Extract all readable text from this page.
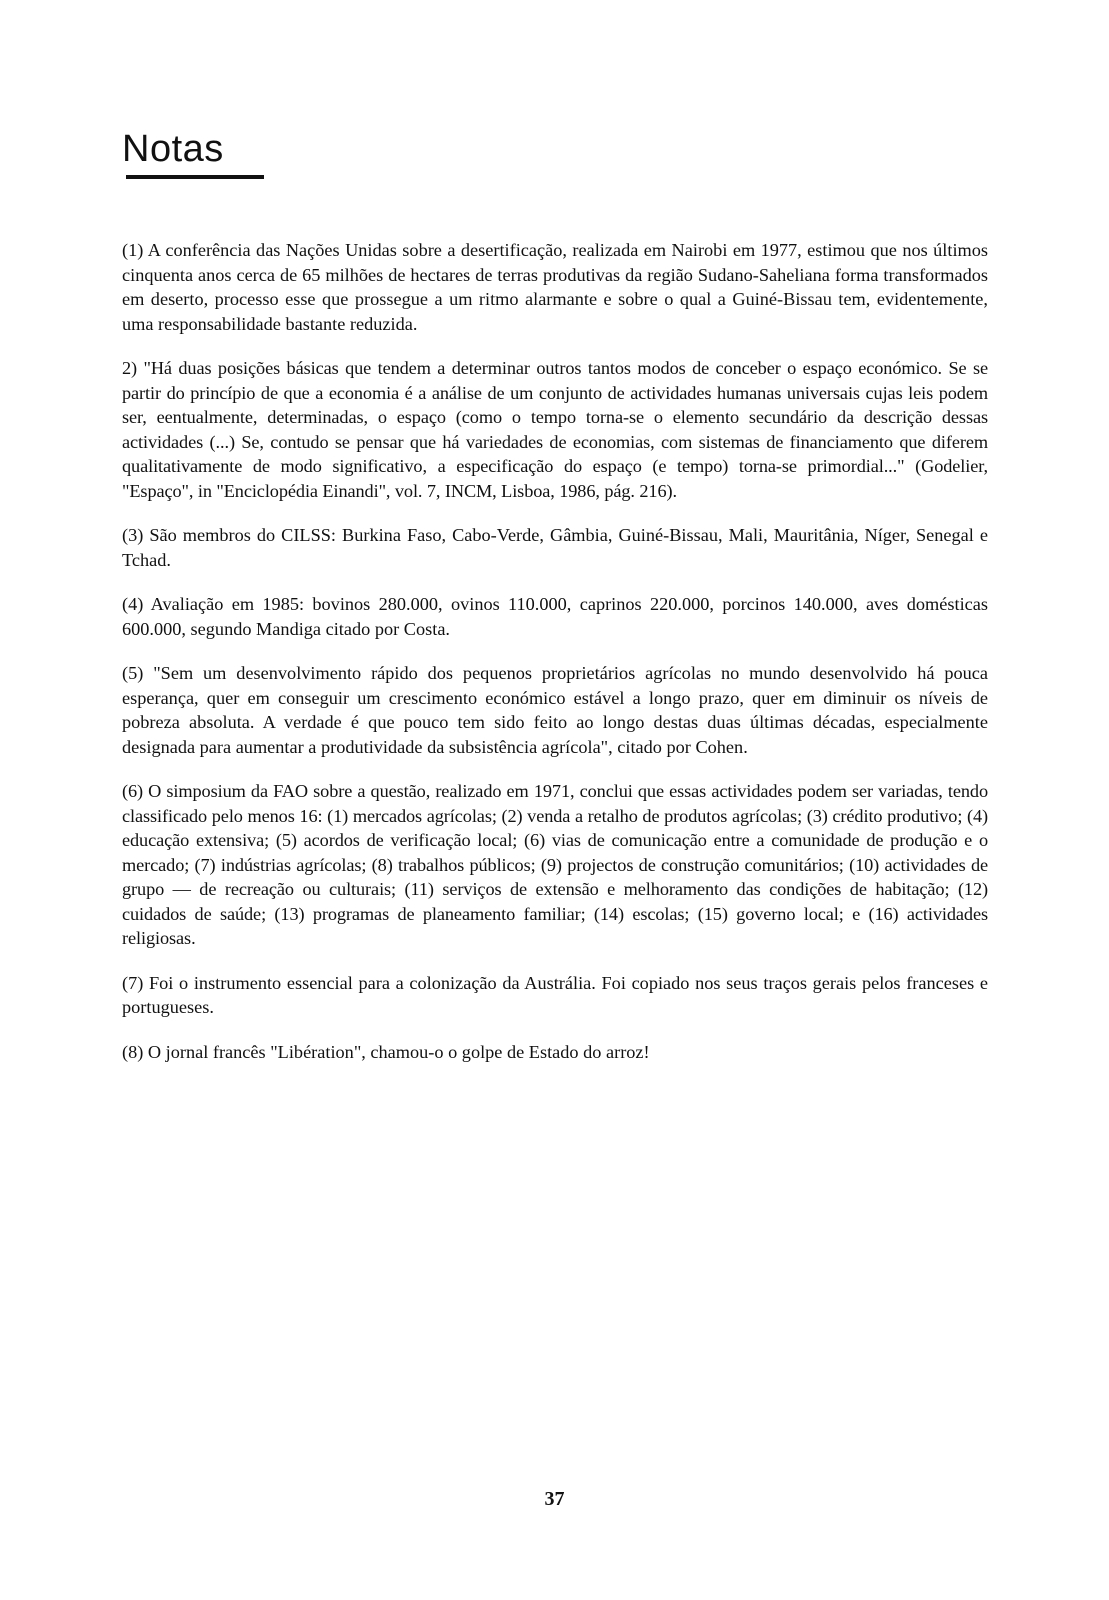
Notas

(1) A conferência das Nações Unidas sobre a desertificação, realizada em Nairobi em 1977, estimou que nos últimos cinquenta anos cerca de 65 milhões de hectares de terras produtivas da região Sudano-Saheliana forma transformados em deserto, processo esse que prossegue a um ritmo alarmante e sobre o qual a Guiné-Bissau tem, evidentemente, uma responsabilidade bastante reduzida.

2) "Há duas posições básicas que tendem a determinar outros tantos modos de conceber o espaço económico. Se se partir do princípio de que a economia é a análise de um conjunto de actividades humanas universais cujas leis podem ser, eentualmente, determinadas, o espaço (como o tempo torna-se o elemento secundário da descrição dessas actividades (...) Se, contudo se pensar que há variedades de economias, com sistemas de financiamento que diferem qualitativamente de modo significativo, a especificação do espaço (e tempo) torna-se primordial..." (Godelier, "Espaço", in "Enciclopédia Einandi", vol. 7, INCM, Lisboa, 1986, pág. 216).

(3) São membros do CILSS: Burkina Faso, Cabo-Verde, Gâmbia, Guiné-Bissau, Mali, Mauritânia, Níger, Senegal e Tchad.

(4) Avaliação em 1985: bovinos 280.000, ovinos 110.000, caprinos 220.000, porcinos 140.000, aves domésticas 600.000, segundo Mandiga citado por Costa.

(5) "Sem um desenvolvimento rápido dos pequenos proprietários agrícolas no mundo desenvolvido há pouca esperança, quer em conseguir um crescimento económico estável a longo prazo, quer em diminuir os níveis de pobreza absoluta. A verdade é que pouco tem sido feito ao longo destas duas últimas décadas, especialmente designada para aumentar a produtividade da subsistência agrícola", citado por Cohen.

(6) O simposium da FAO sobre a questão, realizado em 1971, conclui que essas actividades podem ser variadas, tendo classificado pelo menos 16: (1) mercados agrícolas; (2) venda a retalho de produtos agrícolas; (3) crédito produtivo; (4) educação extensiva; (5) acordos de verificação local; (6) vias de comunicação entre a comunidade de produção e o mercado; (7) indústrias agrícolas; (8) trabalhos públicos; (9) projectos de construção comunitários; (10) actividades de grupo — de recreação ou culturais; (11) serviços de extensão e melhoramento das condições de habitação; (12) cuidados de saúde; (13) programas de planeamento familiar; (14) escolas; (15) governo local; e (16) actividades religiosas.

(7) Foi o instrumento essencial para a colonização da Austrália. Foi copiado nos seus traços gerais pelos franceses e portugueses.

(8) O jornal francês "Libération", chamou-o o golpe de Estado do arroz!

37
